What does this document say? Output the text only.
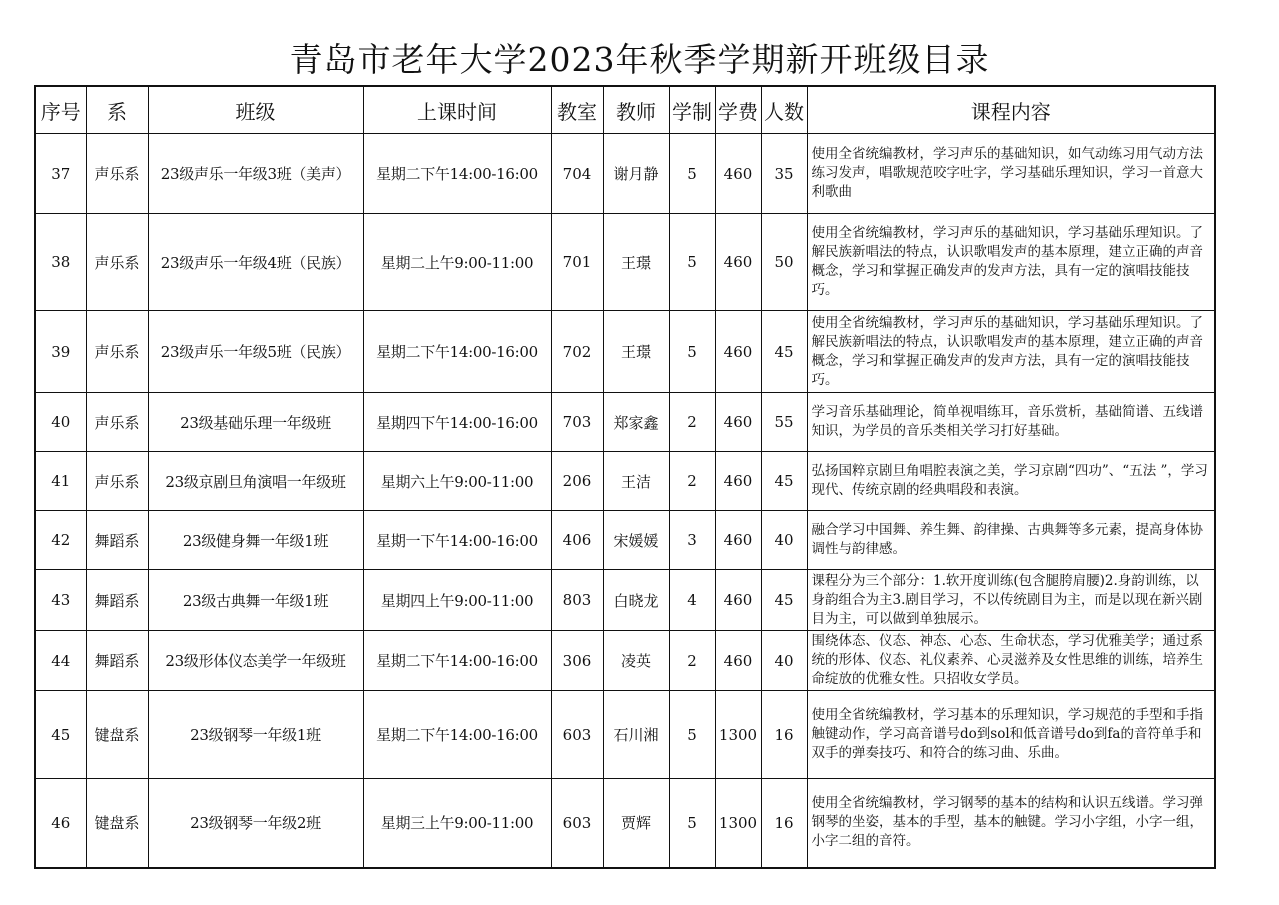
青岛市老年大学2023年秋季学期新开班级目录
序号	系	班级	上课时间	教室	教师	学制	学费	人数	课程内容
37	声乐系	23级声乐一年级3班（美声）	星期二下午14:00-16:00	704	谢月静	5	460	35	使用全省统编教材，学习声乐的基础知识，如气动练习用气动方法练习发声，唱歌规范咬字吐字，学习基础乐理知识，学习一首意大利歌曲
38	声乐系	23级声乐一年级4班（民族）	星期二上午9:00-11:00	701	王璟	5	460	50	使用全省统编教材，学习声乐的基础知识，学习基础乐理知识。了解民族新唱法的特点，认识歌唱发声的基本原理，建立正确的声音概念，学习和掌握正确发声的发声方法，具有一定的演唱技能技巧。
39	声乐系	23级声乐一年级5班（民族）	星期二下午14:00-16:00	702	王璟	5	460	45	使用全省统编教材，学习声乐的基础知识，学习基础乐理知识。了解民族新唱法的特点，认识歌唱发声的基本原理，建立正确的声音概念，学习和掌握正确发声的发声方法，具有一定的演唱技能技巧。
40	声乐系	23级基础乐理一年级班	星期四下午14:00-16:00	703	郑家鑫	2	460	55	学习音乐基础理论，简单视唱练耳，音乐赏析，基础简谱、五线谱知识，为学员的音乐类相关学习打好基础。
41	声乐系	23级京剧旦角演唱一年级班	星期六上午9:00-11:00	206	王洁	2	460	45	弘扬国粹京剧旦角唱腔表演之美，学习京剧“四功”、“五法 ”，学习现代、传统京剧的经典唱段和表演。
42	舞蹈系	23级健身舞一年级1班	星期一下午14:00-16:00	406	宋媛媛	3	460	40	融合学习中国舞、养生舞、韵律操、古典舞等多元素，提高身体协调性与韵律感。
43	舞蹈系	23级古典舞一年级1班	星期四上午9:00-11:00	803	白晓龙	4	460	45	课程分为三个部分：1.软开度训练(包含腿胯肩腰)2.身韵训练，以身韵组合为主3.剧目学习，不以传统剧目为主，而是以现在新兴剧目为主，可以做到单独展示。
44	舞蹈系	23级形体仪态美学一年级班	星期二下午14:00-16:00	306	凌英	2	460	40	围绕体态、仪态、神态、心态、生命状态，学习优雅美学；通过系统的形体、仪态、礼仪素养、心灵滋养及女性思维的训练，培养生命绽放的优雅女性。只招收女学员。
45	键盘系	23级钢琴一年级1班	星期二下午14:00-16:00	603	石川湘	5	1300	16	使用全省统编教材，学习基本的乐理知识，学习规范的手型和手指触键动作，学习高音谱号do到sol和低音谱号do到fa的音符单手和双手的弹奏技巧、和符合的练习曲、乐曲。
46	键盘系	23级钢琴一年级2班	星期三上午9:00-11:00	603	贾辉	5	1300	16	使用全省统编教材，学习钢琴的基本的结构和认识五线谱。学习弹钢琴的坐姿，基本的手型，基本的触键。学习小字组，小字一组，小字二组的音符。
